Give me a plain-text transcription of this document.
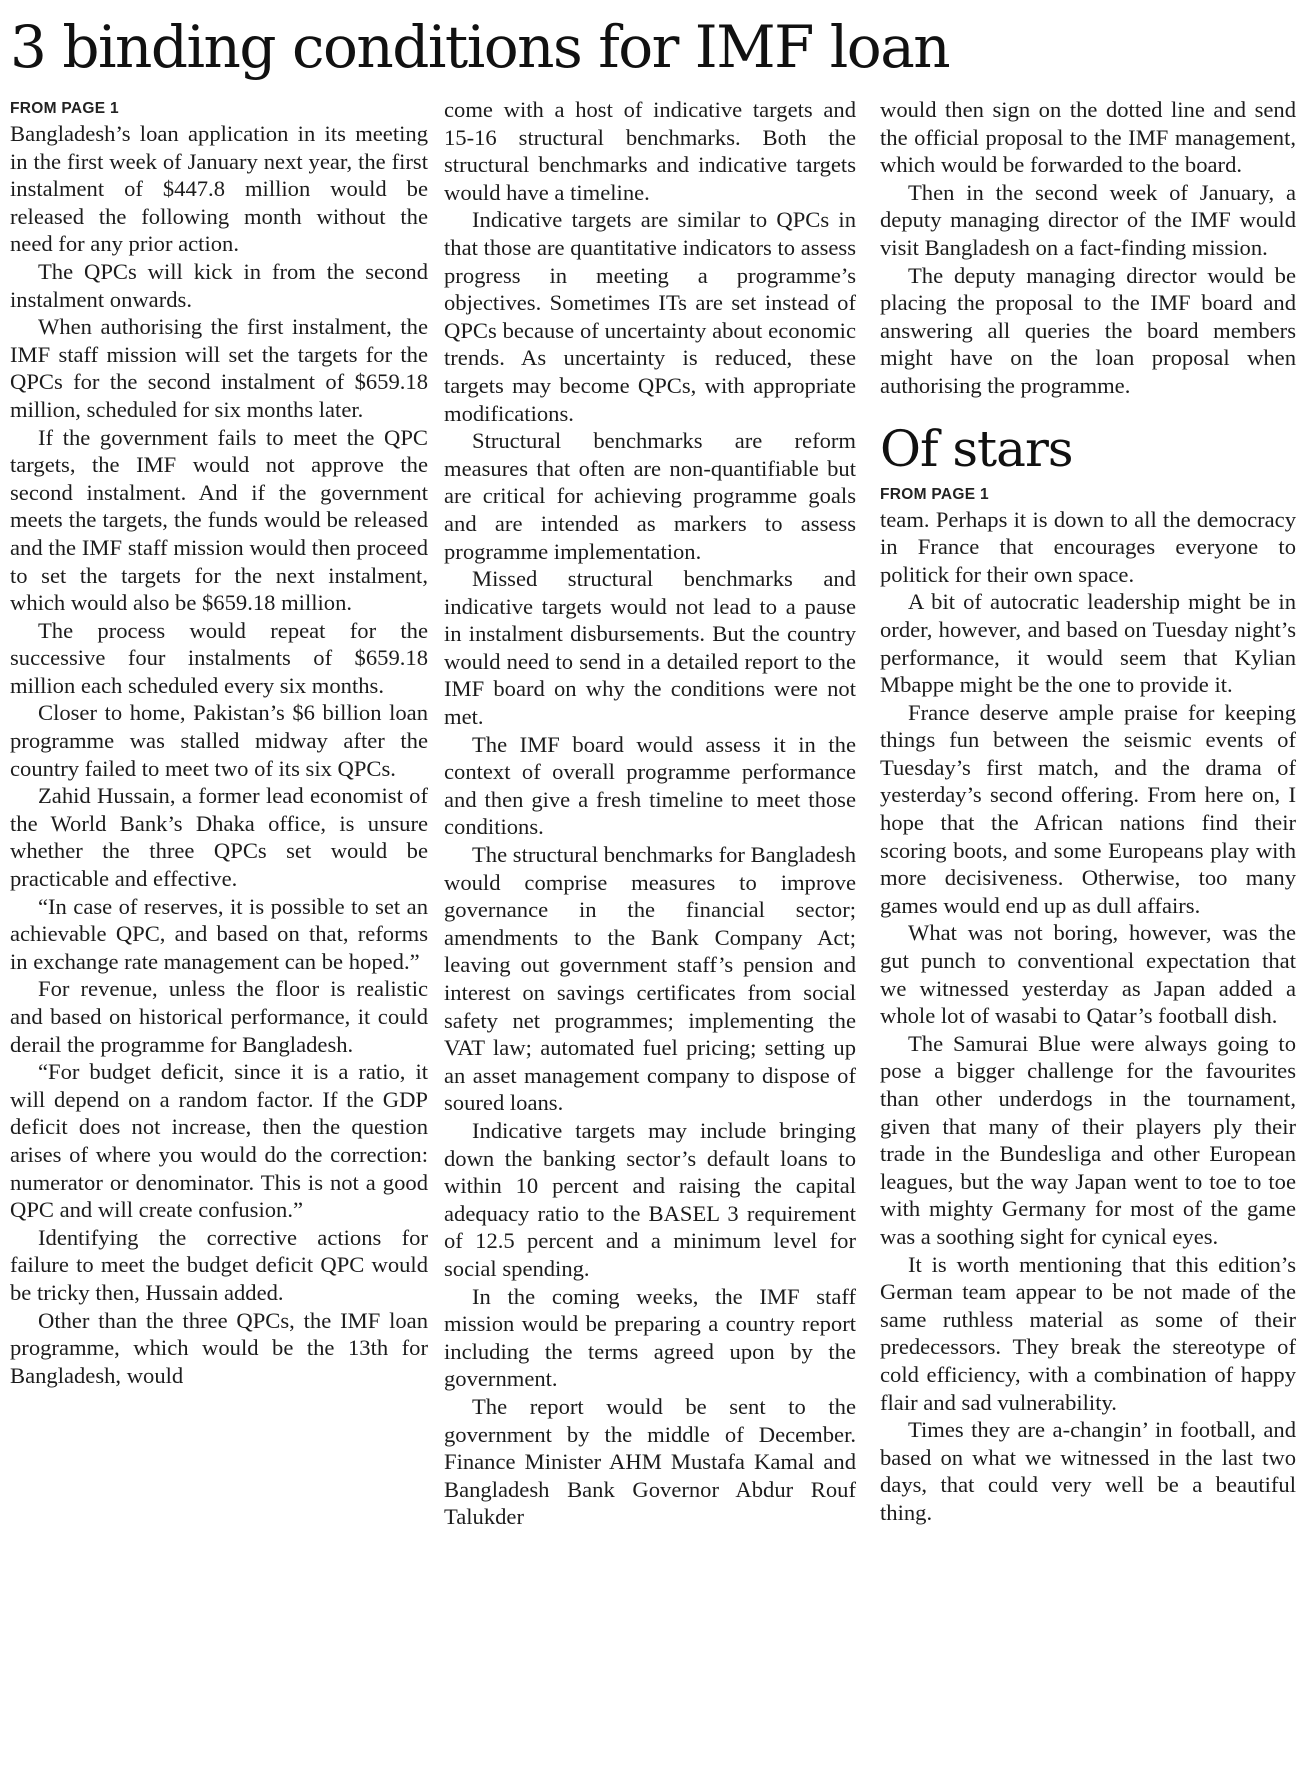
3 binding conditions for IMF loan
FROM PAGE 1

Bangladesh’s loan application in its meeting in the first week of January next year, the first instalment of $447.8 million would be released the following month without the need for any prior action.

The QPCs will kick in from the second instalment onwards.

When authorising the first instalment, the IMF staff mission will set the targets for the QPCs for the second instalment of $659.18 million, scheduled for six months later.

If the government fails to meet the QPC targets, the IMF would not approve the second instalment. And if the government meets the targets, the funds would be released and the IMF staff mission would then proceed to set the targets for the next instalment, which would also be $659.18 million.

The process would repeat for the successive four instalments of $659.18 million each scheduled every six months.

Closer to home, Pakistan’s $6 billion loan programme was stalled midway after the country failed to meet two of its six QPCs.

Zahid Hussain, a former lead economist of the World Bank’s Dhaka office, is unsure whether the three QPCs set would be practicable and effective.

“In case of reserves, it is possible to set an achievable QPC, and based on that, reforms in exchange rate management can be hoped.”

For revenue, unless the floor is realistic and based on historical performance, it could derail the programme for Bangladesh.

“For budget deficit, since it is a ratio, it will depend on a random factor. If the GDP deficit does not increase, then the question arises of where you would do the correction: numerator or denominator. This is not a good QPC and will create confusion.”

Identifying the corrective actions for failure to meet the budget deficit QPC would be tricky then, Hussain added.

Other than the three QPCs, the IMF loan programme, which would be the 13th for Bangladesh, would

come with a host of indicative targets and 15-16 structural benchmarks. Both the structural benchmarks and indicative targets would have a timeline.

Indicative targets are similar to QPCs in that those are quantitative indicators to assess progress in meeting a programme’s objectives. Sometimes ITs are set instead of QPCs because of uncertainty about economic trends. As uncertainty is reduced, these targets may become QPCs, with appropriate modifications.

Structural benchmarks are reform measures that often are non-quantifiable but are critical for achieving programme goals and are intended as markers to assess programme implementation.

Missed structural benchmarks and indicative targets would not lead to a pause in instalment disbursements. But the country would need to send in a detailed report to the IMF board on why the conditions were not met.

The IMF board would assess it in the context of overall programme performance and then give a fresh timeline to meet those conditions.

The structural benchmarks for Bangladesh would comprise measures to improve governance in the financial sector; amendments to the Bank Company Act; leaving out government staff’s pension and interest on savings certificates from social safety net programmes; implementing the VAT law; automated fuel pricing; setting up an asset management company to dispose of soured loans.

Indicative targets may include bringing down the banking sector’s default loans to within 10 percent and raising the capital adequacy ratio to the BASEL 3 requirement of 12.5 percent and a minimum level for social spending.

In the coming weeks, the IMF staff mission would be preparing a country report including the terms agreed upon by the government.

The report would be sent to the government by the middle of December. Finance Minister AHM Mustafa Kamal and Bangladesh Bank Governor Abdur Rouf Talukder

would then sign on the dotted line and send the official proposal to the IMF management, which would be forwarded to the board.

Then in the second week of January, a deputy managing director of the IMF would visit Bangladesh on a fact-finding mission.

The deputy managing director would be placing the proposal to the IMF board and answering all queries the board members might have on the loan proposal when authorising the programme.

Of stars
FROM PAGE 1

team. Perhaps it is down to all the democracy in France that encourages everyone to politick for their own space.

A bit of autocratic leadership might be in order, however, and based on Tuesday night’s performance, it would seem that Kylian Mbappe might be the one to provide it.

France deserve ample praise for keeping things fun between the seismic events of Tuesday’s first match, and the drama of yesterday’s second offering. From here on, I hope that the African nations find their scoring boots, and some Europeans play with more decisiveness. Otherwise, too many games would end up as dull affairs.

What was not boring, however, was the gut punch to conventional expectation that we witnessed yesterday as Japan added a whole lot of wasabi to Qatar’s football dish.

The Samurai Blue were always going to pose a bigger challenge for the favourites than other underdogs in the tournament, given that many of their players ply their trade in the Bundesliga and other European leagues, but the way Japan went to toe to toe with mighty Germany for most of the game was a soothing sight for cynical eyes.

It is worth mentioning that this edition’s German team appear to be not made of the same ruthless material as some of their predecessors. They break the stereotype of cold efficiency, with a combination of happy flair and sad vulnerability.

Times they are a-changin’ in football, and based on what we witnessed in the last two days, that could very well be a beautiful thing.
